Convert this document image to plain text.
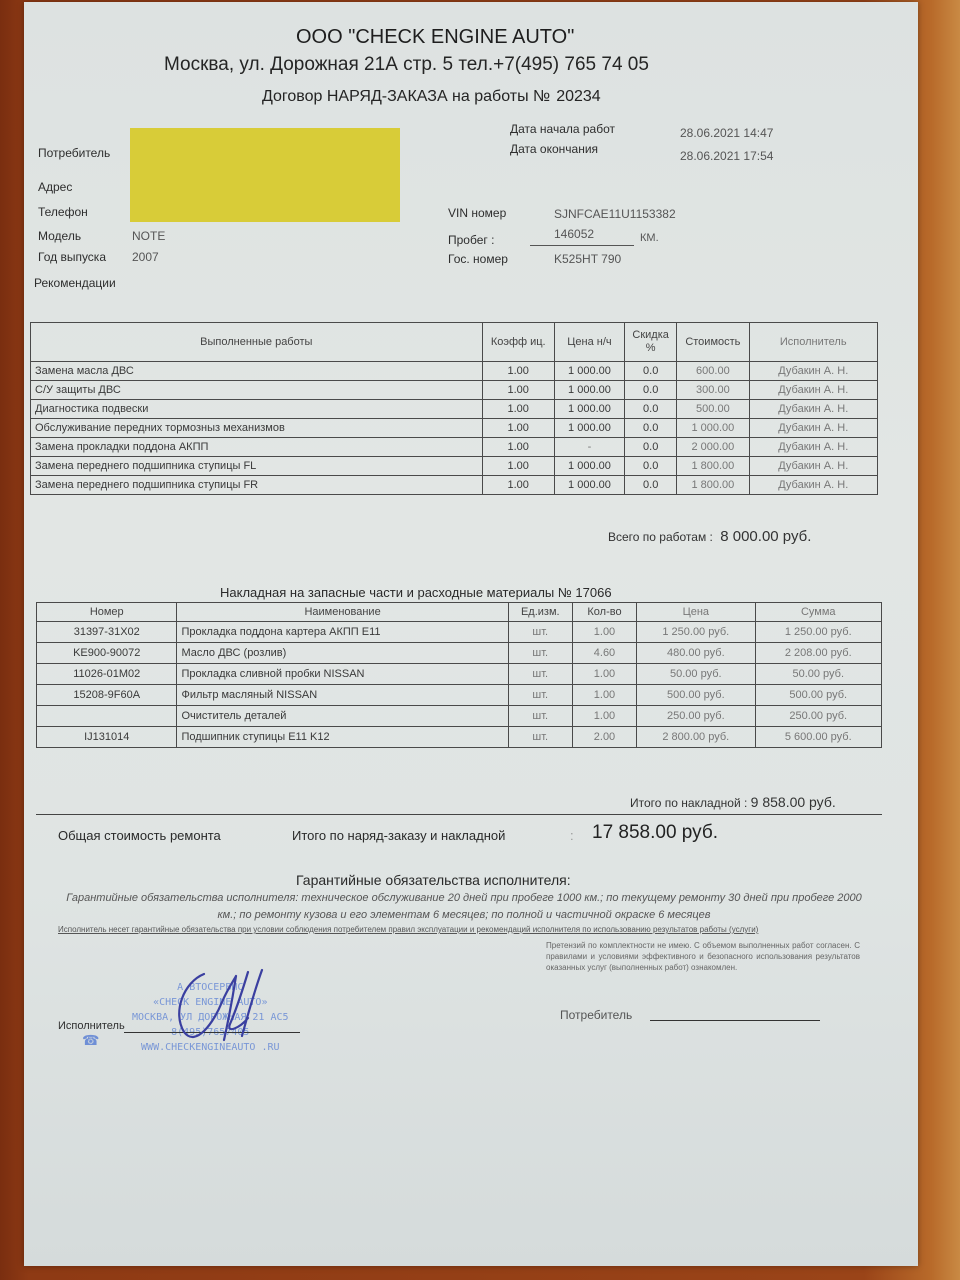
ООО "CHECK ENGINE AUTO"
Москва, ул. Дорожная 21А стр. 5 тел.+7(495) 765 74 05
Договор НАРЯД-ЗАКАЗА на работы № 20234
Потребитель
Адрес
Телефон
Модель	NOTE
Год выпуска 2007
Рекомендации
Дата начала работ	28.06.2021 14:47
Дата окончания	28.06.2021 17:54
VIN номер	SJNFCAE11U1153382
Пробег :	146052	КМ.
Гос. номер	K525HT 790
Выполненные работы	Коэфф иц.	Цена н/ч	Скидка %	Стоимость	Исполнитель
Замена масла ДВС	1.00	1 000.00	0.0	600.00	Дубакин А. Н.
С/У защиты ДВС	1.00	1 000.00	0.0	300.00	Дубакин А. Н.
Диагностика подвески	1.00	1 000.00	0.0	500.00	Дубакин А. Н.
Обслуживание передних тормозныз механизмов	1.00	1 000.00	0.0	1 000.00	Дубакин А. Н.
Замена прокладки поддона АКПП	1.00	-	0.0	2 000.00	Дубакин А. Н.
Замена переднего подшипника ступицы FL	1.00	1 000.00	0.0	1 800.00	Дубакин А. Н.
Замена переднего подшипника ступицы FR	1.00	1 000.00	0.0	1 800.00	Дубакин А. Н.
Всего по работам : 8 000.00 руб.
Накладная на запасные части и расходные материалы № 17066
Номер	Наименование	Ед.изм.	Кол-во	Цена	Сумма
31397-31X02	Прокладка поддона картера АКПП E11	шт.	1.00	1 250.00 руб.	1 250.00 руб.
KE900-90072	Масло ДВС (розлив)	шт.	4.60	480.00 руб.	2 208.00 руб.
11026-01M02	Прокладка сливной пробки NISSAN	шт.	1.00	50.00 руб.	50.00 руб.
15208-9F60A	Фильтр масляный NISSAN	шт.	1.00	500.00 руб.	500.00 руб.
	Очиститель деталей	шт.	1.00	250.00 руб.	250.00 руб.
IJ131014	Подшипник ступицы E11 K12	шт.	2.00	2 800.00 руб.	5 600.00 руб.
Итого по накладной : 9 858.00 руб.
Общая стоимость ремонта	Итого по наряд-заказу и накладной	: 17 858.00 руб.
Гарантийные обязательства исполнителя:
Гарантийные обязательства исполнителя: техническое обслуживание 20 дней при пробеге 1000 км.; по текущему ремонту 30 дней при пробеге 2000 км.; по ремонту кузова и его элементам 6 месяцев; по полной и частичной окраске 6 месяцев
Исполнитель несет гарантийные обязательства при условии соблюдения потребителем правил эксплуатации и рекомендаций исполнителя по использованию результатов работы (услуги)
Претензий по комплектности не имею. С объемом выполненных работ согласен. С правилами и условиями эффективного и безопасного использования результатов оказанных услуг (выполненных работ) ознакомлен.
А ВТОСЕРВИС
«CHECK ENGINE AUTO»
МОСКВА, УЛ ДОРОЖНАЯ 21 АС5
WWW.CHECKENGINEAUTO .RU
☎
Исполнитель
Потребитель
